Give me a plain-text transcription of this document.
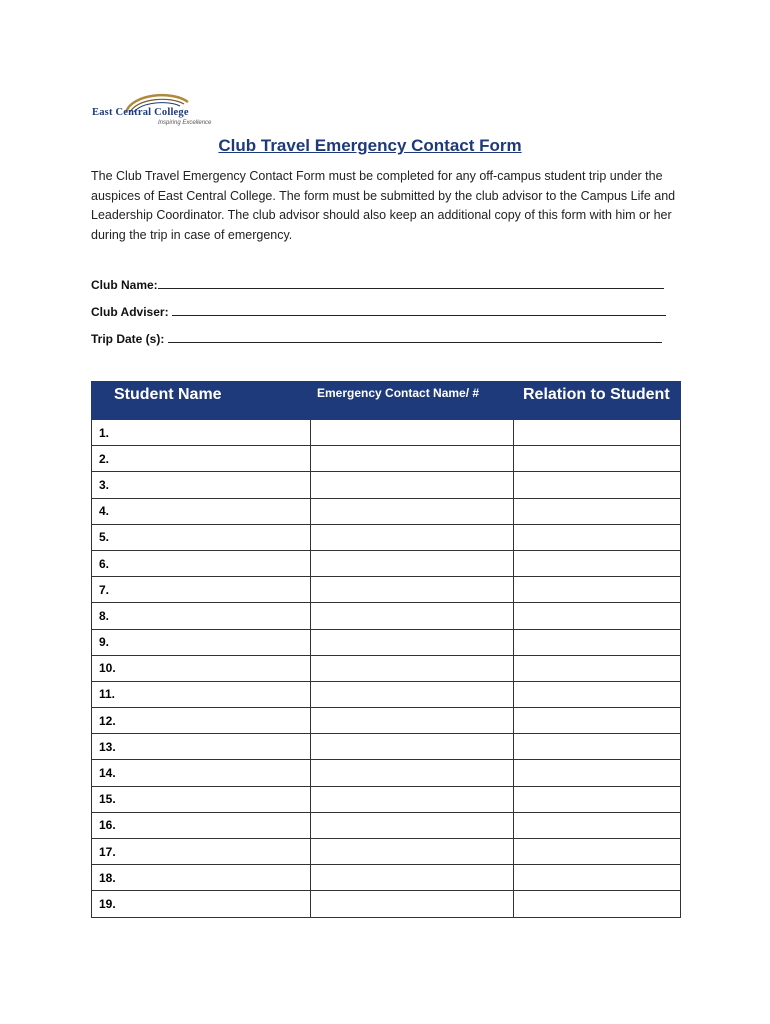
East Central College
Inspiring Excellence
Club Travel Emergency Contact Form
The Club Travel Emergency Contact Form must be completed for any off-campus student trip under the auspices of East Central College. The form must be submitted by the club advisor to the Campus Life and Leadership Coordinator. The club advisor should also keep an additional copy of this form with him or her during the trip in case of emergency.
Club Name:
Club Adviser:
Trip Date (s):
Student Name	Emergency Contact Name/ #	Relation to Student
1.		
2.		
3.		
4.		
5.		
6.		
7.		
8.		
9.		
10.		
11.		
12.		
13.		
14.		
15.		
16.		
17.		
18.		
19.		
